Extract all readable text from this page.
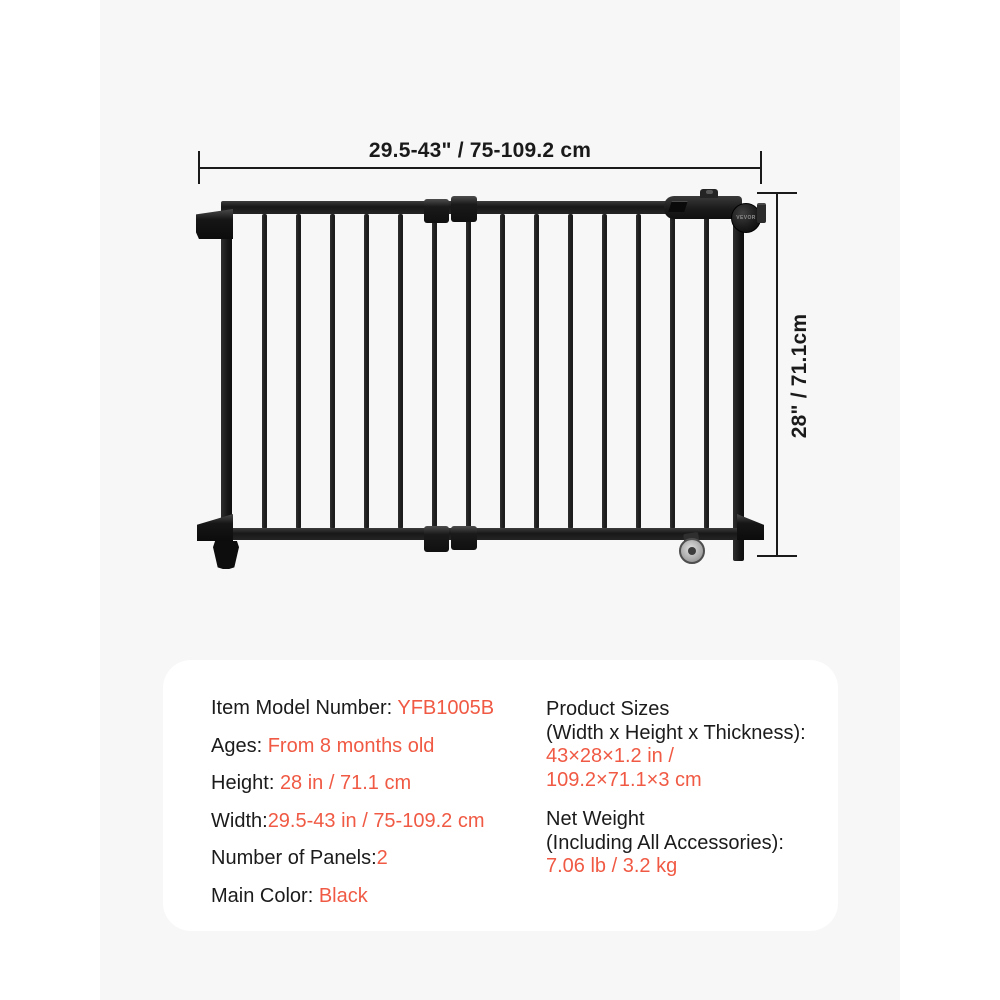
29.5-43" / 75-109.2 cm
28" / 71.1cm
VEVOR
Item Model Number: YFB1005B
Ages: From 8 months old
Height: 28 in / 71.1 cm
Width:29.5-43 in / 75-109.2 cm
Number of Panels:2
Main Color: Black
Product Sizes
(Width x Height x Thickness):
43×28×1.2 in /
109.2×71.1×3 cm
Net Weight
(Including All Accessories):
7.06 lb / 3.2 kg
